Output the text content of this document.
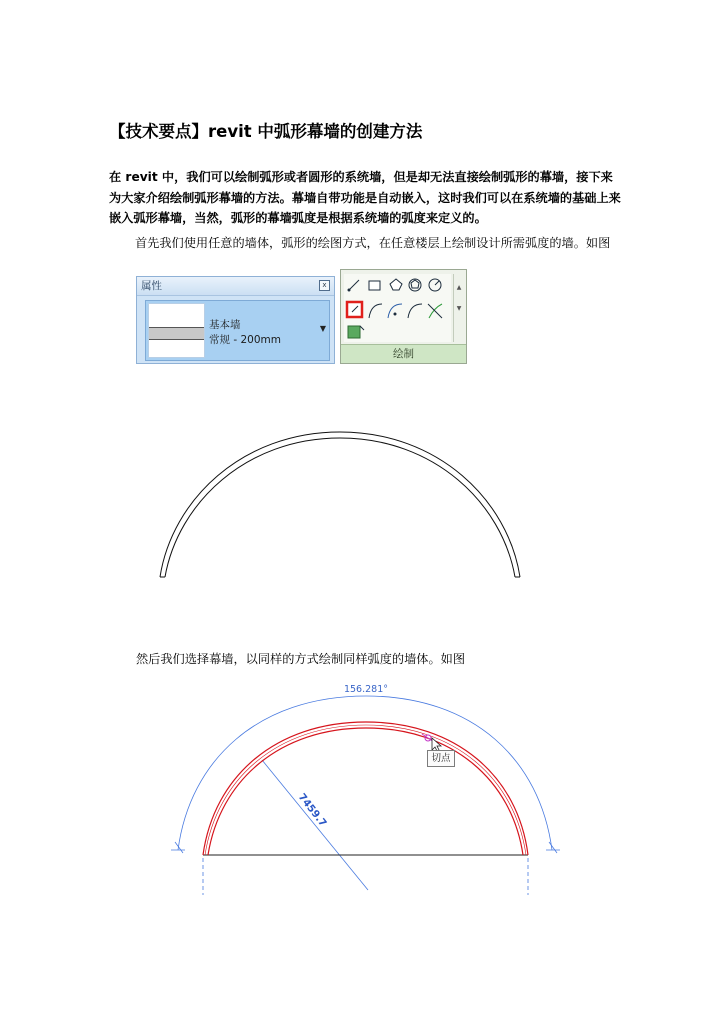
【技术要点】revit 中弧形幕墙的创建方法
在 revit 中，我们可以绘制弧形或者圆形的系统墙，但是却无法直接绘制弧形的幕墙，接下来为大家介绍绘制弧形幕墙的方法。幕墙自带功能是自动嵌入，这时我们可以在系统墙的基础上来嵌入弧形幕墙，当然，弧形的幕墙弧度是根据系统墙的弧度来定义的。
首先我们使用任意的墙体，弧形的绘图方式，在任意楼层上绘制设计所需弧度的墙。如图
属性	x
基本墙
常规 - 200mm
▼
▲
▼
绘制
然后我们选择幕墙，以同样的方式绘制同样弧度的墙体。如图
156.281°
7459.7
切点
